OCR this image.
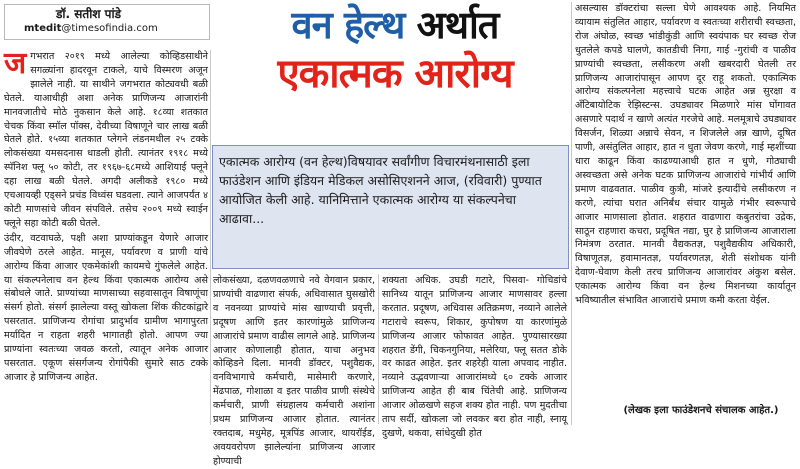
डॉ. सतीश पांडे
mtedit@timesofindia.com	वन हेल्थ अर्थात
एकात्मक आरोग्य

जगभरात २०१९ मध्ये आलेल्या कोव्हिडसाथीने सगळ्यांना हादरवून टाकले, याचे विस्मरण अजून झालेले नाही. या साथीने जगभरात कोट्यवधी बळी घेतले. याआधीही अशा अनेक प्राणिजन्य आजारांनी मानवजातीचे मोठे नुकसान केले आहे. १८व्या शतकात चेचक किंवा स्मॉल पॉक्स, देवीच्या विषाणूने चार लाख बळी घेतले होते. १५व्या शतकात प्लेगने लंडनमधील २५ टक्के लोकसंख्या यमसदनास धाडली होती. त्यानंतर १९१८ मध्ये स्पॅनिश फ्लू ५० कोटी, तर १९६७-६८मध्ये आशियाई फ्लूने दहा लाख बळी घेतले. अगदी अलीकडे १९८० मध्ये एचआयव्ही एड्सने प्रचंड विध्वंस घडवला. त्याने आजपर्यंत ४ कोटी माणसांचे जीवन संपविले. तसेच २००९ मध्ये स्वाईन फ्लूने सहा कोटी बळी घेतले.

उंदीर, वटवाघळे, पक्षी अशा प्राण्यांकडून येणारे आजार जीवघेणे ठरले आहेत. मानूस, पर्यावरण व प्राणी यांचे आरोग्य किंवा आजार एकमेकांशी कायमचे गुंफलेले आहेत. या संकल्पनेलाच वन हेल्थ किंवा एकात्मक आरोग्य असे संबोधले जाते. प्राण्यांच्या माणसाच्या सहवासातून विषाणूंचा संसर्ग होतो. संसर्ग झालेल्या वस्तू खोकला शिंक कीटकांद्वारे पसरतात. प्राणिजन्य रोगांचा प्रादुर्भाव ग्रामीण भागापुरता मर्यादित न राहता शहरी भागातही होतो. आपण ज्या प्राण्यांना स्वतःच्या जवळ करतो, त्यातून अनेक आजार पसरतात. एकूण संसर्गजन्य रोगांपैकी सुमारे साठ टक्के आजार हे प्राणिजन्य आहेत.

एकात्मक आरोग्य (वन हेल्थ)विषयावर सर्वांगीण विचारमंथनासाठी इला फाउंडेशन आणि इंडियन मेडिकल असोसिएशनने आज, (रविवारी) पुण्यात आयोजित केली आहे. यानिमित्ताने एकात्मक आरोग्य या संकल्पनेचा आढावा...

लोकसंख्या, दळणवळणाचे नवे वेगवान प्रकार, प्राण्यांची वाढणारा संपर्क, अधिवासात घुसखोरी व नवनव्या प्राण्यांचे मांस खाण्याची प्रवृत्ती, प्रदूषण आणि इतर कारणांमुळे प्राणिजन्य आजारांचे प्रमाण वाढीस लागले आहे. प्राणिजन्य आजार कोणालाही होतात, याचा अनुभव कोव्हिडने दिला. मानवी डॉक्टर, पशुवैद्यक, वनविभागाचे कर्मचारी, मासेमारी करणारे, मेंढपाळ, गोशाळा व इतर पाळीव प्राणी संस्थेचे कर्मचारी, प्राणी संग्रहालय कर्मचारी अशांना प्रथम प्राणिजन्य आजार होतात. त्यानंतर रक्तदाब, मधुमेह, मूत्रपिंड आजार, थायरॉईड, अवयवरोपण झालेल्यांना प्राणिजन्य आजार होण्याची

शक्यता अधिक. उघडी गटारे, पिसवा- गोचिडांचे सानिध्य यातून प्राणिजन्य आजार माणसावर हल्ला करतात. प्रदूषण, अधिवास अतिक्रमण, नव्याने आलेले गटाराचे स्वरूप, शिकार, कुपोषण या कारणांमुळे प्राणिजन्य आजार फोफावत आहेत. पुण्यासारख्या शहरात डेंगी, चिकनगुनिया, मलेरिया, फ्लू सतत डोके वर काढत आहेत. इतर शहरेही याला अपवाद नाहीत. नव्याने उद्भवणाऱ्या आजारांमध्ये ६० टक्के आजार प्राणिजन्य आहेत ही बाब चिंतेची आहे. प्राणिजन्य आजार ओळखणे सहज शक्य होत नाही. पण मुदतीचा ताप सर्दी, खोकला जो लवकर बरा होत नाही, स्नायू दुखणे, थकवा, सांधेदुखी होत

असल्यास डॉक्टरांचा सल्ला घेणे आवश्यक आहे. नियमित व्यायाम संतुलित आहार, पर्यावरण व स्वतःच्या शरीराची स्वच्छता, रोज अंघोळ, स्वच्छ भांडीकुंडी आणि स्वयंपाक घर स्वच्छ रोज धुतलेले कपडे घालणे, कातडीची निगा, गाई -गुरांची व पाळीव प्राण्यांची स्वच्छता, लसीकरण अशी खबरदारी घेतली तर प्राणिजन्य आजारांपासून आपण दूर राहू शकतो. एकात्मिक आरोग्य संकल्पनेला महत्त्वाचे घटक आहेत अन्न सुरक्षा व अँटिबायोटिक रेझिस्टन्स. उघड्यावर मिळणारे मांस घोंगावत असणारे पदार्थ न खाणे अत्यंत गरजेचे आहे. मलमूत्राचे उघड्यावर विसर्जन, शिळ्या अन्नाचे सेवन, न शिजलेले अन्न खाणे, दूषित पाणी, असंतुलित आहार, हात न धुता जेवण करणे, गाई म्हशींच्या धारा काढून किंवा काढण्याआधी हात न धुणे, गोठ्याची अस्वच्छता असे अनेक घटक प्राणिजन्य आजारांचे गांभीर्य आणि प्रमाण वाढवतात. पाळीव कुत्री, मांजरे इत्यादींचे लसीकरण न करणे, त्यांचा घरात अनिर्बंध संचार यामुळे गंभीर स्वरूपाचे आजार माणसाला होतात. शहरात वाढणारा कबुतरांचा उद्रेक, साठून राहणारा कचरा, प्रदूषित नद्या, घुर हे प्राणिजन्य आजाराला निमंत्रण ठरतात. मानवी वैद्यकतज्ञ, पशुवैद्यकीय अधिकारी, विषाणूतज्ञ, हवामानतज्ञ, पर्यावरणतज्ञ, शेती संशोधक यांनी देवाण-घेवाण केली तरच प्राणिजन्य आजारांवर अंकुश बसेल. एकात्मक आरोग्य किंवा वन हेल्थ मिशनच्या कार्यातून भविष्यातील संभावित आजारांचे प्रमाण कमी करता येईल.

(लेखक इला फाउंडेशनचे संचालक आहेत.)
